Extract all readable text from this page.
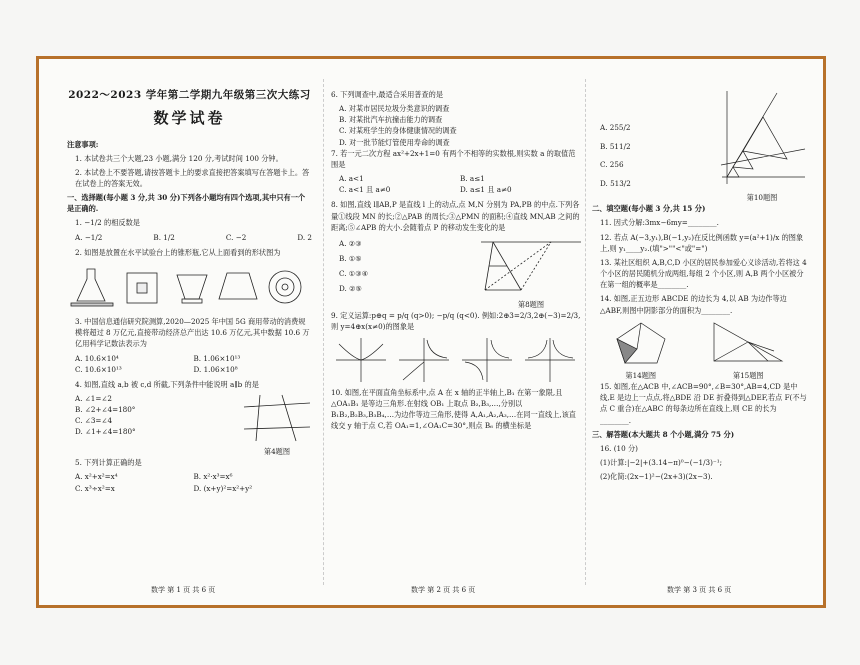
2022～2023 学年第二学期九年级第三次大练习
数学试卷

注意事项:

1. 本试卷共三个大题,23 小题,满分 120 分,考试时间 100 分钟。

2. 本试卷上不要答题,请按答题卡上的要求直接把答案填写在答题卡上。答在试卷上的答案无效。

一、选择题(每小题 3 分,共 30 分)下列各小题均有四个选项,其中只有一个是正确的.

1. −1/2 的相反数是

A. −1/2	B. 1/2	C. −2	D. 2

2. 如图是放置在水平试验台上的锥形瓶,它从上面看到的形状图为

3. 中国信息通信研究院测算,2020—2025 年中国 5G 商用带动的消费规模将超过 8 万亿元,直接带动经济总产出达 10.6 万亿元,其中数据 10.6 万亿用科学记数法表示为

A. 10.6×10⁴	B. 1.06×10¹³
C. 10.6×10¹³	D. 1.06×10⁸

4. 如图,直线 a,b 被 c,d 所截,下列条件中能说明 a∥b 的是

A. ∠1=∠2
B. ∠2+∠4=180°
C. ∠3=∠4
D. ∠1+∠4=180°
第4题图

5. 下列计算正确的是

A. x²+x²=x⁴	B. x²·x³=x⁶
C. x³÷x²=x	D. (x+y)²=x²+y²
数学 第 1 页 共 6 页

6. 下列调查中,最适合采用普查的是

A. 对某市居民垃圾分类意识的调查
B. 对某批汽车抗撞击能力的调查
C. 对某班学生的身体健康情况的调查
D. 对一批节能灯管使用寿命的调查

7. 若一元二次方程 ax²+2x+1=0 有两个不相等的实数根,则实数 a 的取值范围是

A. a<1	B. a≤1
C. a<1 且 a≠0	D. a≤1 且 a≠0

8. 如图,直线 l∥AB,P 是直线 l 上的动点,点 M,N 分别为 PA,PB 的中点.下列各量①线段 MN 的长;②△PAB 的周长;③△PMN 的面积;④直线 MN,AB 之间的距离;⑤∠APB 的大小.会随着点 P 的移动发生变化的是

A. ②③
B. ①⑤
C. ①③④
D. ②⑤
第8题图

9. 定义运算:p⊕q = p/q (q>0); −p/q (q<0). 例如:2⊕3=2/3,2⊕(−3)=2/3,则 y=4⊕x(x≠0)的图象是

10. 如图,在平面直角坐标系中,点 A 在 x 轴的正半轴上,B₁ 在第一象限,且△OA₁B₁ 是等边三角形.在射线 OB₁ 上取点 B₂,B₃,…,分别以 B₁B₂,B₂B₃,B₃B₄,…为边作等边三角形,使得 A,A₁,A₂,A₃,…在同一直线上,该直线交 y 轴于点 C,若 OA₁=1,∠OA₁C=30°,则点 B₆ 的横坐标是

数学 第 2 页 共 6 页
A. 255/2
B. 511/2
C. 256
D. 513/2
第10题图

二、填空题(每小题 3 分,共 15 分)

11. 因式分解:3mx−6my=________.

12. 若点 A(−3,y₁),B(−1,y₂)在反比例函数 y=(a²+1)/x 的图象上,则 y₁____y₂.(填">""<"或"=")

13. 某社区组织 A,B,C,D 小区的居民参加爱心义诊活动,若将这 4 个小区的居民随机分成两组,每组 2 个小区,则 A,B 两个小区被分在第一组的概率是________.

14. 如图,正五边形 ABCDE 的边长为 4,以 AB 为边作等边△ABF,则图中阴影部分的面积为________.

第14题图	第15题图

15. 如图,在△ACB 中,∠ACB=90°,∠B=30°,AB=4,CD 是中线,E 是边上一点点,将△BDE 沿 DE 折叠得到△DEF,若点 F(不与点 C 重合)在△ABC 的每条边所在直线上,则 CE 的长为________.

三、解答题(本大题共 8 个小题,满分 75 分)

16. (10 分)

(1)计算:|−2|+(3.14−π)⁰−(−1/3)⁻¹;

(2)化简:(2x−1)²−(2x+3)(2x−3).

数学 第 3 页 共 6 页
